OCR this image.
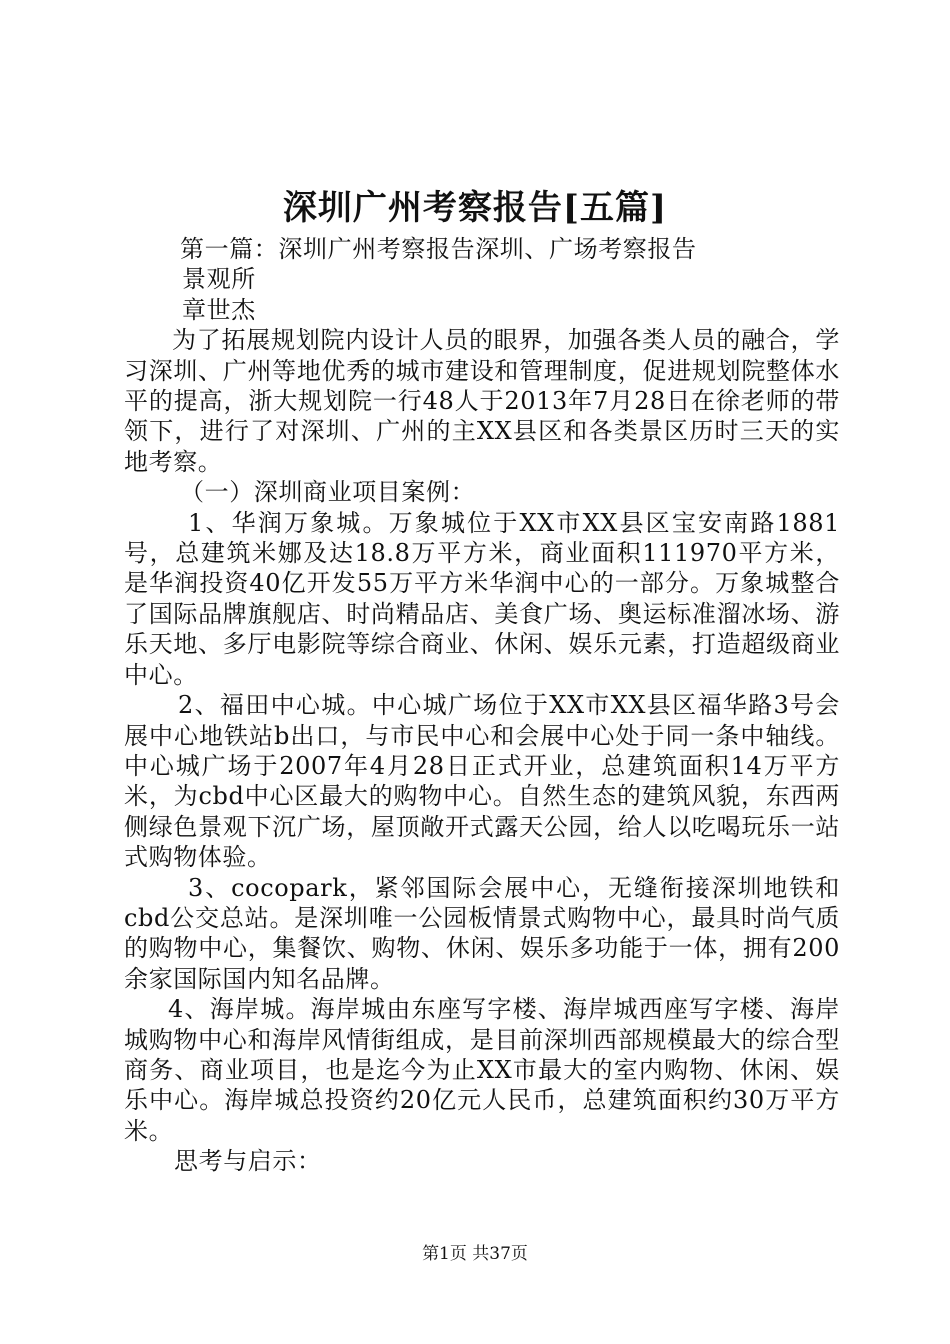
深圳广州考察报告[五篇]

第一篇：深圳广州考察报告深圳、广场考察报告

景观所

章世杰

为了拓展规划院内设计人员的眼界，加强各类人员的融合，学习深圳、广州等地优秀的城市建设和管理制度，促进规划院整体水平的提高，浙大规划院一行48人于2013年7月28日在徐老师的带领下，进行了对深圳、广州的主XX县区和各类景区历时三天的实地考察。

（一）深圳商业项目案例：

1、华润万象城。万象城位于XX市XX县区宝安南路1881号，总建筑米娜及达18.8万平方米，商业面积111970平方米，是华润投资40亿开发55万平方米华润中心的一部分。万象城整合了国际品牌旗舰店、时尚精品店、美食广场、奥运标准溜冰场、游乐天地、多厅电影院等综合商业、休闲、娱乐元素，打造超级商业中心。

2、福田中心城。中心城广场位于XX市XX县区福华路3号会展中心地铁站b出口，与市民中心和会展中心处于同一条中轴线。中心城广场于2007年4月28日正式开业，总建筑面积14万平方米，为cbd中心区最大的购物中心。自然生态的建筑风貌，东西两侧绿色景观下沉广场，屋顶敞开式露天公园，给人以吃喝玩乐一站式购物体验。

3、cocopark，紧邻国际会展中心，无缝衔接深圳地铁和cbd公交总站。是深圳唯一公园板情景式购物中心，最具时尚气质的购物中心，集餐饮、购物、休闲、娱乐多功能于一体，拥有200余家国际国内知名品牌。

4、海岸城。海岸城由东座写字楼、海岸城西座写字楼、海岸城购物中心和海岸风情街组成，是目前深圳西部规模最大的综合型商务、商业项目，也是迄今为止XX市最大的室内购物、休闲、娱乐中心。海岸城总投资约20亿元人民币，总建筑面积约30万平方米。

思考与启示：

第1页 共37页
